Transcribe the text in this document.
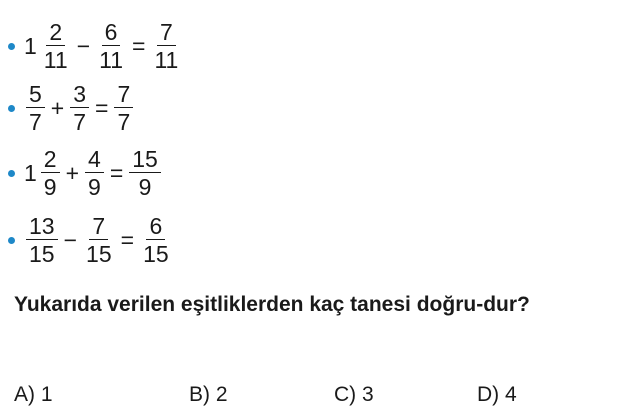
$1 \frac{2}{11} - \frac{6}{11} = \frac{7}{11}$
$\frac{5}{7} + \frac{3}{7} = \frac{7}{7}$
$1 \frac{2}{9} + \frac{4}{9} = \frac{15}{9}$
$\frac{13}{15} - \frac{7}{15} = \frac{6}{15}$

Yukarıda verilen eşitliklerden kaç tanesi doğru-dur?

A) 1	B) 2	C) 3	D) 4
